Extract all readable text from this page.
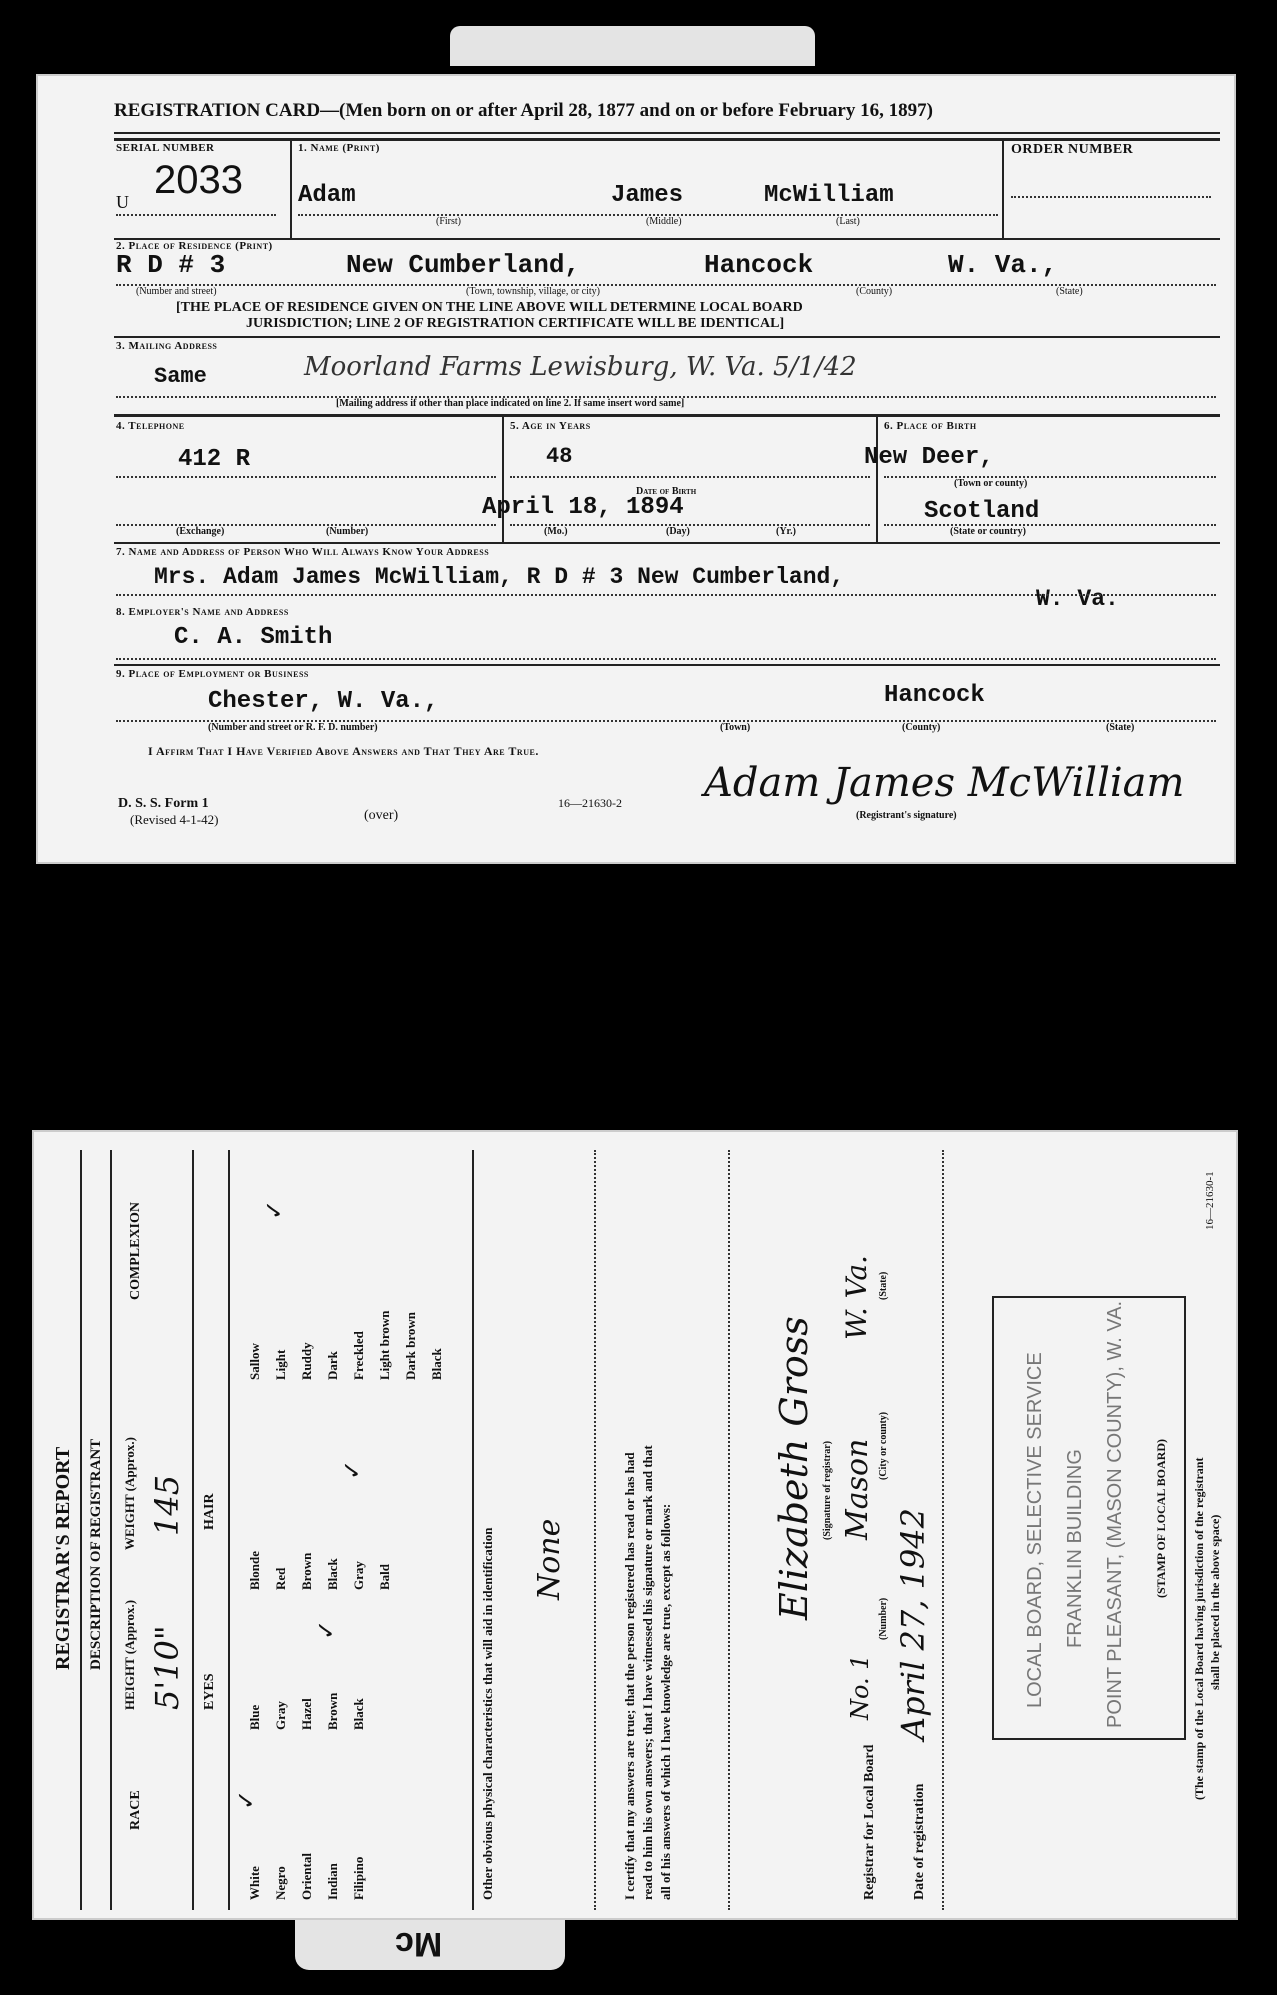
REGISTRATION CARD—(Men born on or after April 28, 1877 and on or before February 16, 1897)
SERIAL NUMBER
U 2033
1. Name (Print)
Adam	James	McWilliam
(First)	(Middle)	(Last)
ORDER NUMBER
2. Place of Residence (Print)
R D # 3	New Cumberland,	Hancock	W. Va.,
(Number and street)	(Town, township, village, or city)	(County)	(State)
[THE PLACE OF RESIDENCE GIVEN ON THE LINE ABOVE WILL DETERMINE LOCAL BOARD
JURISDICTION; LINE 2 OF REGISTRATION CERTIFICATE WILL BE IDENTICAL]
3. Mailing Address
Same	Moorland Farms Lewisburg, W. Va. 5/1/42
[Mailing address if other than place indicated on line 2. If same insert word same]
4. Telephone
412 R
(Exchange)	(Number)
5. Age in Years
48
Date of Birth
April 18, 1894
(Mo.)	(Day)	(Yr.)
6. Place of Birth
New Deer,
(Town or county)
Scotland
(State or country)
7. Name and Address of Person Who Will Always Know Your Address
Mrs. Adam James McWilliam, R D # 3 New Cumberland,
W. Va.
8. Employer's Name and Address
C. A. Smith
9. Place of Employment or Business
Chester, W. Va.,	Hancock
(Number and street or R. F. D. number)	(Town)	(County)	(State)
I Affirm That I Have Verified Above Answers and That They Are True.
D. S. S. Form 1
(Revised 4-1-42)	(over)
16—21630-2 Adam James McWilliam
(Registrant's signature)
Mc
REGISTRAR'S REPORT DESCRIPTION OF REGISTRANT
RACE
HEIGHT (Approx.)
WEIGHT (Approx.)
COMPLEXION
5'10"
145
EYES
HAIR
White Negro Oriental Indian Filipino
✓
Blue Gray Hazel Brown Black
✓
Blonde Red Brown Black Gray Bald
✓
Sallow Light Ruddy Dark Freckled Light brown Dark brown Black
✓
Other obvious physical characteristics that will aid in identification None	I certify that my answers are true; that the person registered has read or has had read to him his own answers; that I have witnessed his signature or mark and that all of his answers of which I have knowledge are true, except as follows:
Elizabeth Gross (Signature of registrar)
Registrar for Local Board
No. 1
(Number)
Mason (City or county)
W. Va. (State)
Date of registration
April 27, 1942	LOCAL BOARD, SELECTIVE SERVICE FRANKLIN BUILDING POINT PLEASANT, (MASON COUNTY), W. VA. (STAMP OF LOCAL BOARD) (The stamp of the Local Board having jurisdiction of the registrant shall be placed in the above space)
16—21630-1
